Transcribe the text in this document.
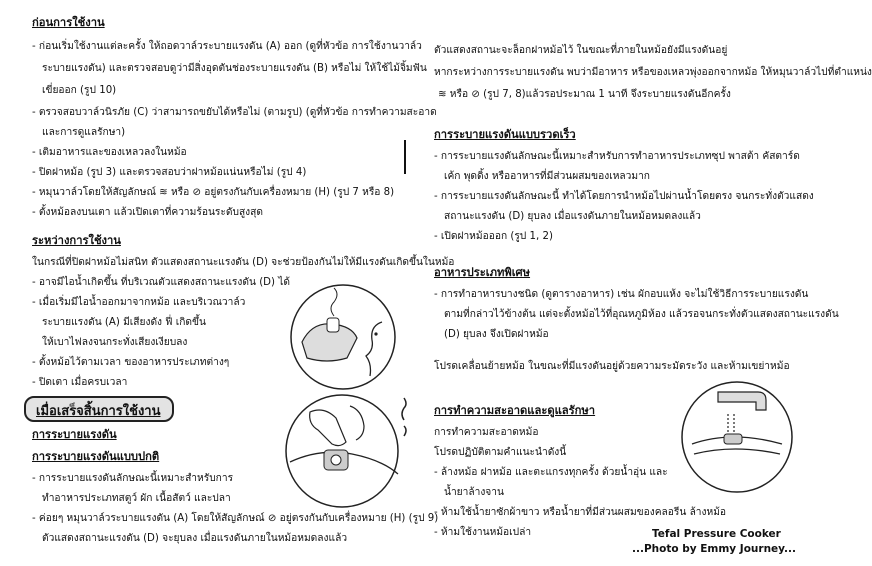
ก่อนการใช้งาน
- ก่อนเริ่มใช้งานแต่ละครั้ง ให้ถอดวาล์วระบายแรงดัน (A) ออก (ดูที่หัวข้อ การใช้งานวาล์ว
ระบายแรงดัน) และตรวจสอบดูว่ามีสิ่งอุดตันช่องระบายแรงดัน (B) หรือไม่ ให้ใช้ไม้จิ้มฟัน
เขี่ยออก (รูป 10)
- ตรวจสอบวาล์วนิรภัย (C) ว่าสามารถขยับได้หรือไม่ (ตามรูป) (ดูที่หัวข้อ การทำความสะอาด
และการดูแลรักษา)
- เติมอาหารและของเหลวลงในหม้อ
- ปิดฝาหม้อ (รูป 3) และตรวจสอบว่าฝาหม้อแน่นหรือไม่ (รูป 4)
- หมุนวาล์วโดยให้สัญลักษณ์ ≋ หรือ ⊘ อยู่ตรงกันกับเครื่องหมาย (H) (รูป 7 หรือ 8)
- ตั้งหม้อลงบนเตา แล้วเปิดเตาที่ความร้อนระดับสูงสุด
ระหว่างการใช้งาน
ในกรณีที่ปิดฝาหม้อไม่สนิท ตัวแสดงสถานะแรงดัน (D) จะช่วยป้องกันไม่ให้มีแรงดันเกิดขึ้นในหม้อ
- อาจมีไอน้ำเกิดขึ้น ที่บริเวณตัวแสดงสถานะแรงดัน (D) ได้
- เมื่อเริ่มมีไอน้ำออกมาจากหม้อ และบริเวณวาล์ว
ระบายแรงดัน (A) มีเสียงดัง ฟี่ เกิดขึ้น
ให้เบาไฟลงจนกระทั่งเสียงเงียบลง
- ตั้งหม้อไว้ตามเวลา ของอาหารประเภทต่างๆ
- ปิดเตา เมื่อครบเวลา
เมื่อเสร็จสิ้นการใช้งาน
การระบายแรงดัน
การระบายแรงดันแบบปกติ
- การระบายแรงดันลักษณะนี้เหมาะสำหรับการ
ทำอาหารประเภทสตูว์ ผัก เนื้อสัตว์ และปลา
- ค่อยๆ หมุนวาล์วระบายแรงดัน (A) โดยให้สัญลักษณ์ ⊘ อยู่ตรงกันกับเครื่องหมาย (H) (รูป 9)
ตัวแสดงสถานะแรงดัน (D) จะยุบลง เมื่อแรงดันภายในหม้อหมดลงแล้ว
ตัวแสดงสถานะจะล็อกฝาหม้อไว้ ในขณะที่ภายในหม้อยังมีแรงดันอยู่
หากระหว่างการระบายแรงดัน พบว่ามีอาหาร หรือของเหลวพุ่งออกจากหม้อ ให้หมุนวาล์วไปที่ตำแหน่ง
≋ หรือ ⊘ (รูป 7, 8)แล้วรอประมาณ 1 นาที จึงระบายแรงดันอีกครั้ง
การระบายแรงดันแบบรวดเร็ว
- การระบายแรงดันลักษณะนี้เหมาะสำหรับการทำอาหารประเภทซุป พาสต้า คัสตาร์ด
เค้ก พุดดิ้ง หรืออาหารที่มีส่วนผสมของเหลวมาก
- การระบายแรงดันลักษณะนี้ ทำได้โดยการนำหม้อไปผ่านน้ำโดยตรง จนกระทั่งตัวแสดง
สถานะแรงดัน (D) ยุบลง เมื่อแรงดันภายในหม้อหมดลงแล้ว
- เปิดฝาหม้อออก (รูป 1, 2)
อาหารประเภทพิเศษ
- การทำอาหารบางชนิด (ดูตารางอาหาร) เช่น ผักอบแห้ง จะไม่ใช้วิธีการระบายแรงดัน
ตามที่กล่าวไว้ข้างต้น แต่จะตั้งหม้อไว้ที่อุณหภูมิห้อง แล้วรอจนกระทั่งตัวแสดงสถานะแรงดัน
(D) ยุบลง จึงเปิดฝาหม้อ
โปรดเคลื่อนย้ายหม้อ ในขณะที่มีแรงดันอยู่ด้วยความระมัดระวัง และห้ามเขย่าหม้อ
การทำความสะอาดและดูแลรักษา
การทำความสะอาดหม้อ
โปรดปฏิบัติตามคำแนะนำดังนี้
- ล้างหม้อ ฝาหม้อ และตะแกรงทุกครั้ง ด้วยน้ำอุ่น และ
น้ำยาล้างจาน
- ห้ามใช้น้ำยาซักผ้าขาว หรือน้ำยาที่มีส่วนผสมของคลอรีน ล้างหม้อ
- ห้ามใช้งานหม้อเปล่า	Tefal Pressure Cooker
...Photo by Emmy Journey...
